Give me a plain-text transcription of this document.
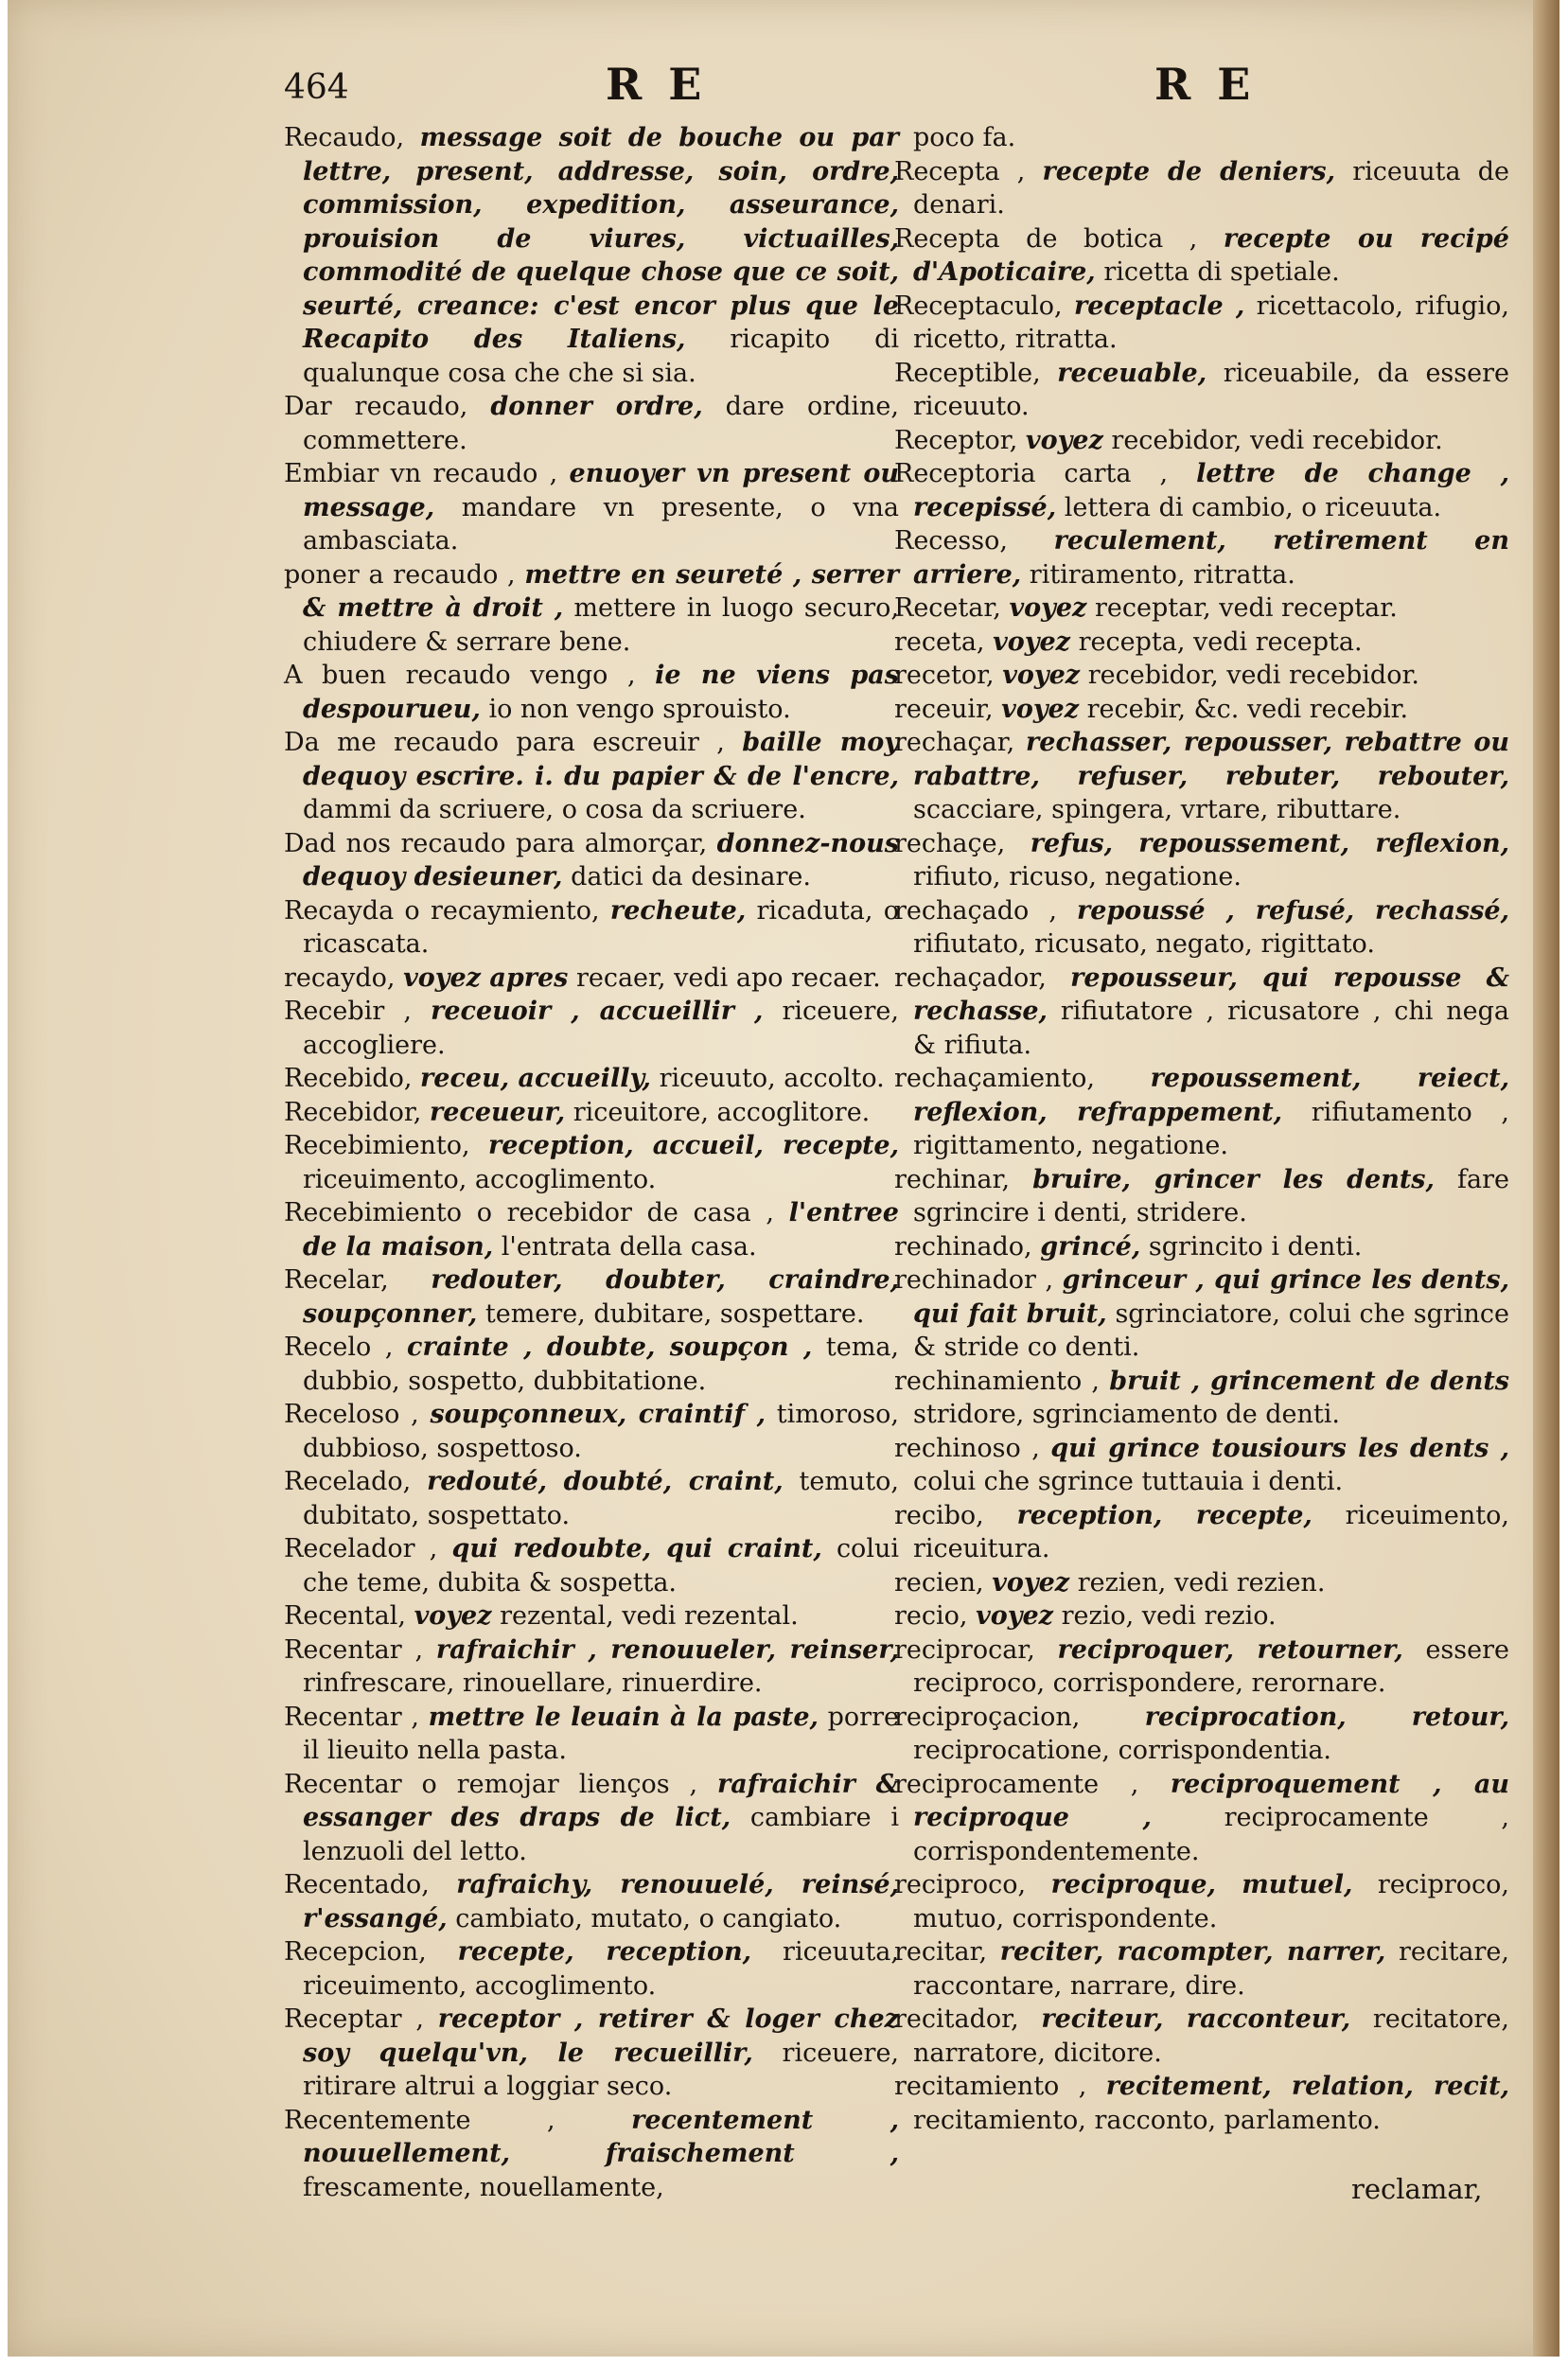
464	R E	R E

Recaudo, message soit de bouche ou par lettre, present, addresse, soin, ordre, commission, expedition, asseurance, prouision de viures, victuailles, commodité de quelque chose que ce soit, seurté, creance: c'est encor plus que le Recapito des Italiens, ricapito di qualunque cosa che che si sia.

Dar recaudo, donner ordre, dare ordine, commettere.

Embiar vn recaudo , enuoyer vn present ou message, mandare vn presente, o vna ambasciata.

poner a recaudo , mettre en seureté , serrer & mettre à droit , mettere in luogo securo, chiudere & serrare bene.

A buen recaudo vengo , ie ne viens pas despourueu, io non vengo sprouisto.

Da me recaudo para escreuir , baille moy dequoy escrire. i. du papier & de l'encre, dammi da scriuere, o cosa da scriuere.

Dad nos recaudo para almorçar, donnez-nous dequoy desieuner, datici da desinare.

Recayda o recaymiento, recheute, ricaduta, o ricascata.

recaydo, voyez apres recaer, vedi apo recaer.

Recebir , receuoir , accueillir , riceuere, accogliere.

Recebido, receu, accueilly, riceuuto, accolto.

Recebidor, receueur, riceuitore, accoglitore.

Recebimiento, reception, accueil, recepte, riceuimento, accoglimento.

Recebimiento o recebidor de casa , l'entree de la maison, l'entrata della casa.

Recelar, redouter, doubter, craindre, soupçonner, temere, dubitare, sospettare.

Recelo , crainte , doubte, soupçon , tema, dubbio, sospetto, dubbitatione.

Receloso , soupçonneux, craintif , timoroso, dubbioso, sospettoso.

Recelado, redouté, doubté, craint, temuto, dubitato, sospettato.

Recelador , qui redoubte, qui craint, colui che teme, dubita & sospetta.

Recental, voyez rezental, vedi rezental.

Recentar , rafraichir , renouueler, reinser, rinfrescare, rinouellare, rinuerdire.

Recentar , mettre le leuain à la paste, porre il lieuito nella pasta.

Recentar o remojar lienços , rafraichir & essanger des draps de lict, cambiare i lenzuoli del letto.

Recentado, rafraichy, renouuelé, reinsé, r'essangé, cambiato, mutato, o cangiato.

Recepcion, recepte, reception, riceuuta, riceuimento, accoglimento.

Receptar , receptor , retirer & loger chez soy quelqu'vn, le recueillir, riceuere, ritirare altrui a loggiar seco.

Recentemente ,	recentement , nouuellement, fraischement , frescamente, nouellamente,

poco fa.

Recepta , recepte de deniers, riceuuta de denari.

Recepta de botica , recepte ou recipé d'Apoticaire, ricetta di spetiale.

Receptaculo, receptacle , ricettacolo, rifugio, ricetto, ritratta.

Receptible, receuable, riceuabile, da essere riceuuto.

Receptor, voyez recebidor, vedi recebidor.

Receptoria carta , lettre de change , recepissé, lettera di cambio, o riceuuta.

Recesso, reculement, retirement en arriere, ritiramento, ritratta.

Recetar, voyez receptar, vedi receptar.

receta, voyez recepta, vedi recepta.

recetor, voyez recebidor, vedi recebidor.

receuir, voyez recebir, &c. vedi recebir.

rechaçar, rechasser, repousser, rebattre ou rabattre, refuser, rebuter, rebouter, scacciare, spingera, vrtare, ributtare.

rechaçe, refus, repoussement, reflexion, rifiuto, ricuso, negatione.

rechaçado , repoussé , refusé, rechassé, rifiutato, ricusato, negato, rigittato.

rechaçador, repousseur, qui repousse & rechasse, rifiutatore , ricusatore , chi nega & rifiuta.

rechaçamiento, repoussement, reiect, reflexion, refrappement, rifiutamento , rigittamento, negatione.

rechinar, bruire, grincer les dents, fare sgrincire i denti, stridere.

rechinado, grincé, sgrincito i denti.

rechinador , grinceur , qui grince les dents, qui fait bruit, sgrinciatore, colui che sgrince & stride co denti.

rechinamiento , bruit , grincement de dents stridore, sgrinciamento de denti.

rechinoso , qui grince tousiours les dents , colui che sgrince tuttauia i denti.

recibo, reception, recepte, riceuimento, riceuitura.

recien, voyez rezien, vedi rezien.

recio, voyez rezio, vedi rezio.

reciprocar, reciproquer, retourner, essere reciproco, corrispondere, rerornare.

reciproçacion,	reciprocation, retour, reciprocatione, corrispondentia.

reciprocamente , reciproquement , au reciproque ,	reciprocamente , corrispondentemente.

reciproco, reciproque, mutuel, reciproco, mutuo, corrispondente.

recitar, reciter, racompter, narrer, recitare, raccontare, narrare, dire.

recitador, reciteur, racconteur, recitatore, narratore, dicitore.

recitamiento , recitement, relation, recit, recitamiento, racconto, parlamento.

reclamar,
